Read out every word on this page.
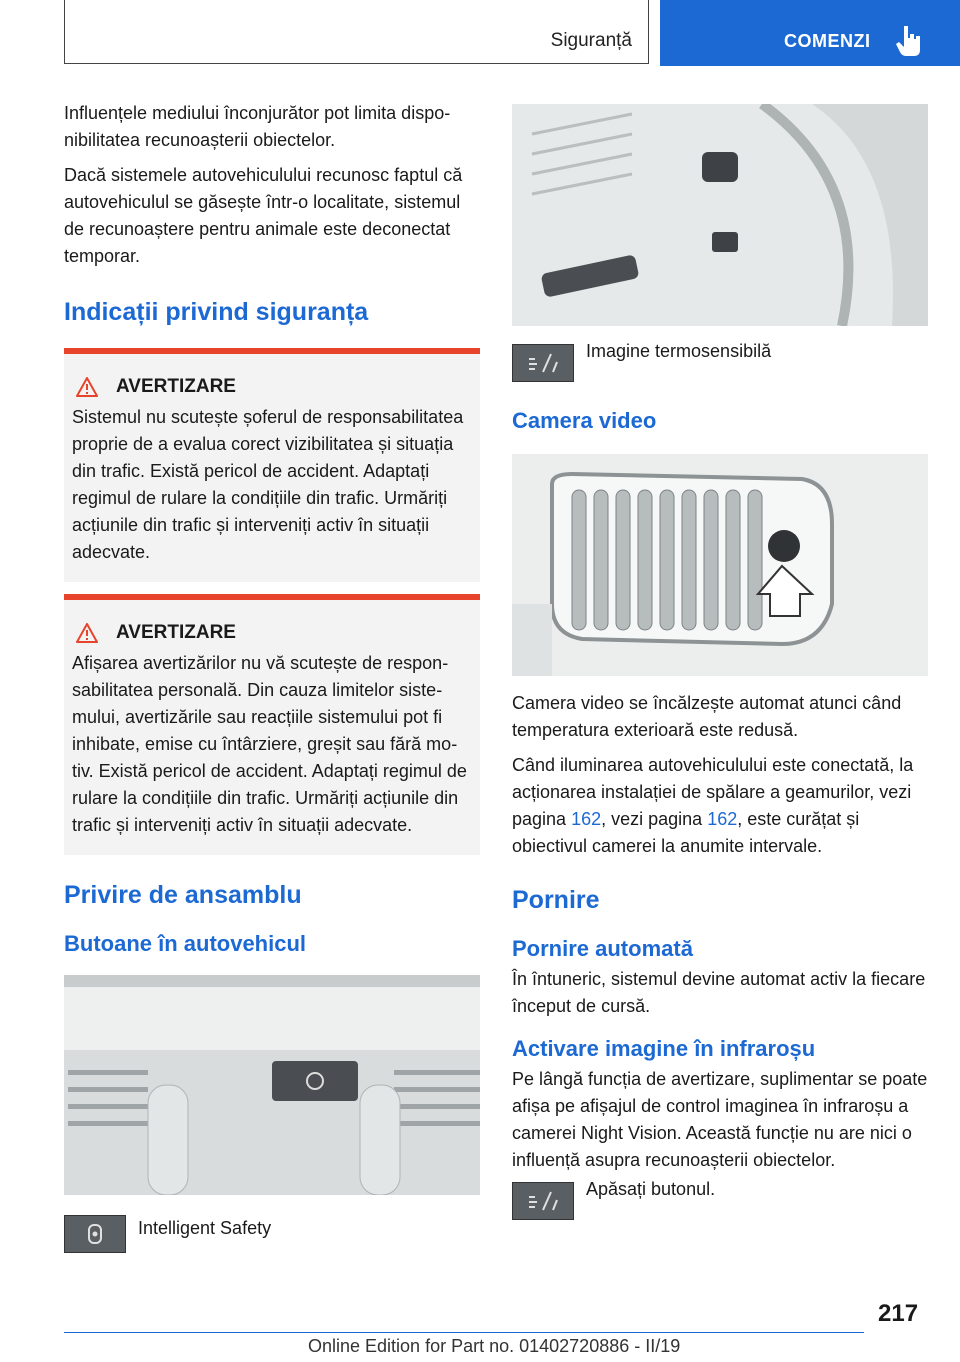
Siguranță	COMENZI

Influențele mediului înconjurător pot limita disponibilitatea recunoașterii obiectelor.

Dacă sistemele autovehiculului recunosc faptul că autovehiculul se găsește într-o localitate, sistemul de recunoaștere pentru animale este deconectat temporar.

Indicații privind siguranța
AVERTIZARE

Sistemul nu scutește șoferul de responsabilitatea proprie de a evalua corect vizibilitatea și situația din trafic. Există pericol de accident. Adaptați regimul de rulare la condițiile din trafic. Urmăriți acțiunile din trafic și interveniți activ în situații adecvate.

AVERTIZARE

Afișarea avertizărilor nu vă scutește de responsabilitatea personală. Din cauza limitelor sistemului, avertizările sau reacțiile sistemului pot fi inhibate, emise cu întârziere, greșit sau fără motiv. Există pericol de accident. Adaptați regimul de rulare la condițiile din trafic. Urmăriți acțiunile din trafic și interveniți activ în situații adecvate.

Privire de ansamblu
Butoane în autovehicul
Intelligent Safety
Imagine termosensibilă
Camera video

Camera video se încălzește automat atunci când temperatura exterioară este redusă.

Când iluminarea autovehiculului este conectată, la acționarea instalației de spălare a geamurilor, vezi pagina 162, vezi pagina 162, este curățat și obiectivul camerei la anumite intervale.

Pornire
Pornire automată

În întuneric, sistemul devine automat activ la fiecare început de cursă.

Activare imagine în infraroșu

Pe lângă funcția de avertizare, suplimentar se poate afișa pe afișajul de control imaginea în infraroșu a camerei Night Vision. Această funcție nu are nici o influență asupra recunoașterii obiectelor.

Apăsați butonul.
217
Online Edition for Part no. 01402720886 - II/19
